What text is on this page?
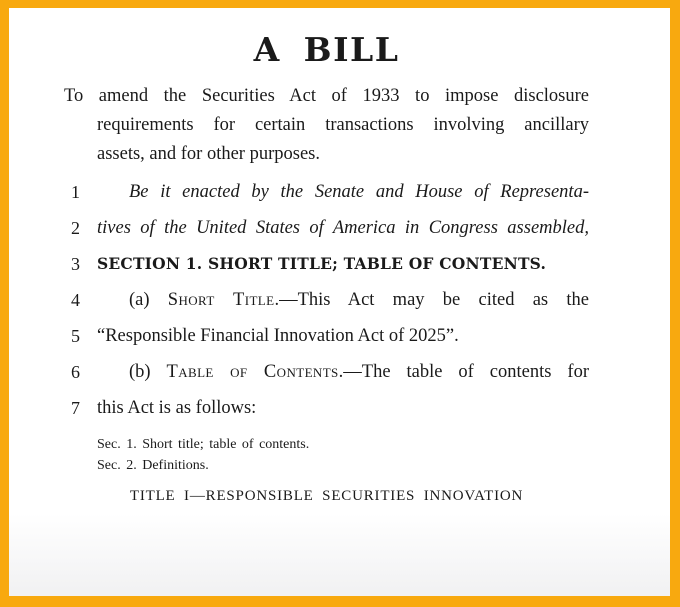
A BILL
To amend the Securities Act of 1933 to impose disclosure
requirements for certain transactions involving ancillary
assets, and for other purposes.
1	Be it enacted by the Senate and House of Representa-
2 tives of the United States of America in Congress assembled,
3 SECTION 1. SHORT TITLE; TABLE OF CONTENTS.
4	(a) Short Title.—This Act may be cited as the
5 “Responsible Financial Innovation Act of 2025”.
6	(b) Table of Contents.—The table of contents for
7 this Act is as follows:
Sec. 1. Short title; table of contents.
Sec. 2. Definitions.
TITLE I—RESPONSIBLE SECURITIES INNOVATION
